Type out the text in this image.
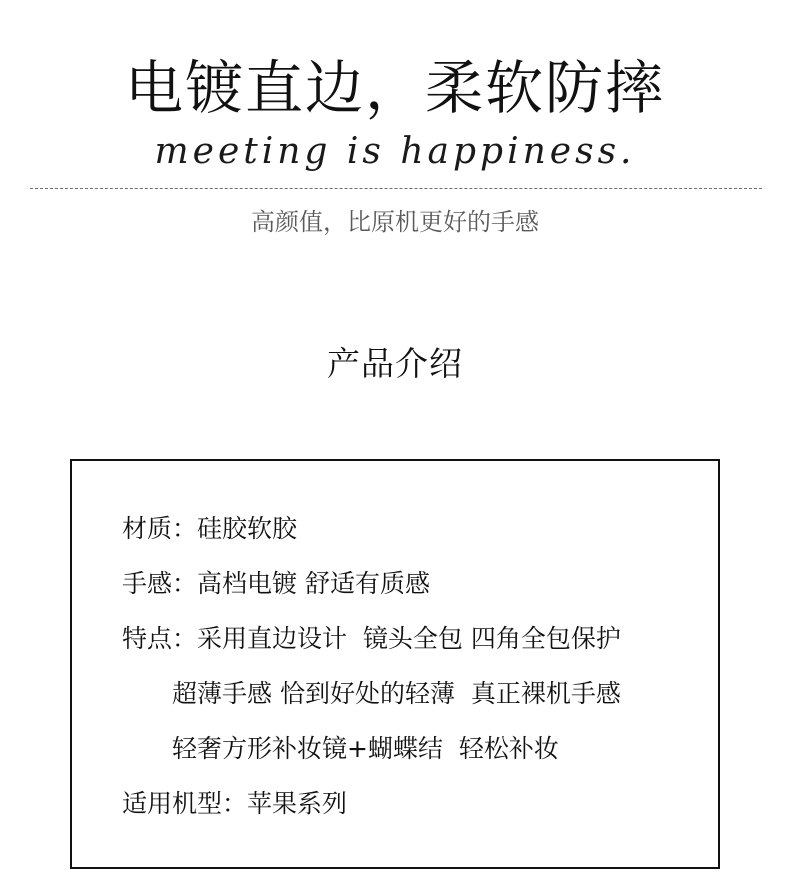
电镀直边，柔软防摔
meeting is happiness.
高颜值，比原机更好的手感
产品介绍
材质：硅胶软胶
手感：高档电镀 舒适有质感
特点：采用直边设计  镜头全包 四角全包保护
超薄手感 恰到好处的轻薄  真正裸机手感
轻奢方形补妆镜+蝴蝶结  轻松补妆
适用机型：苹果系列
